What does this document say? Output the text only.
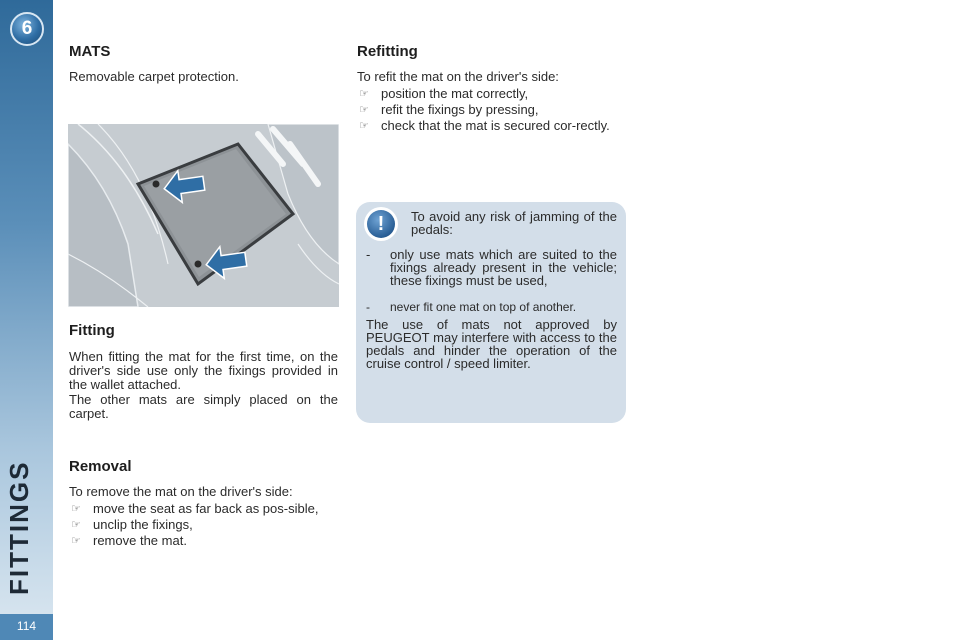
6
FITTINGS
114
MATS

Removable carpet protection.

Fitting

When fitting the mat for the first time, on the driver's side use only the fixings provided in the wallet attached.

The other mats are simply placed on the carpet.

Removal

To remove the mat on the driver's side:

☞ move the seat as far back as pos-sible,
☞ unclip the fixings,
☞ remove the mat.
Refitting

To refit the mat on the driver's side:

☞ position the mat correctly,
☞ refit the fixings by pressing,
☞ check that the mat is secured cor-rectly.
!	To avoid any risk of jamming of the pedals:

-	only use mats which are suited to the fixings already present in the vehicle; these fixings must be used,
-	never fit one mat on top of another.

The use of mats not approved by PEUGEOT may interfere with access to the pedals and hinder the operation of the cruise control / speed limiter.
